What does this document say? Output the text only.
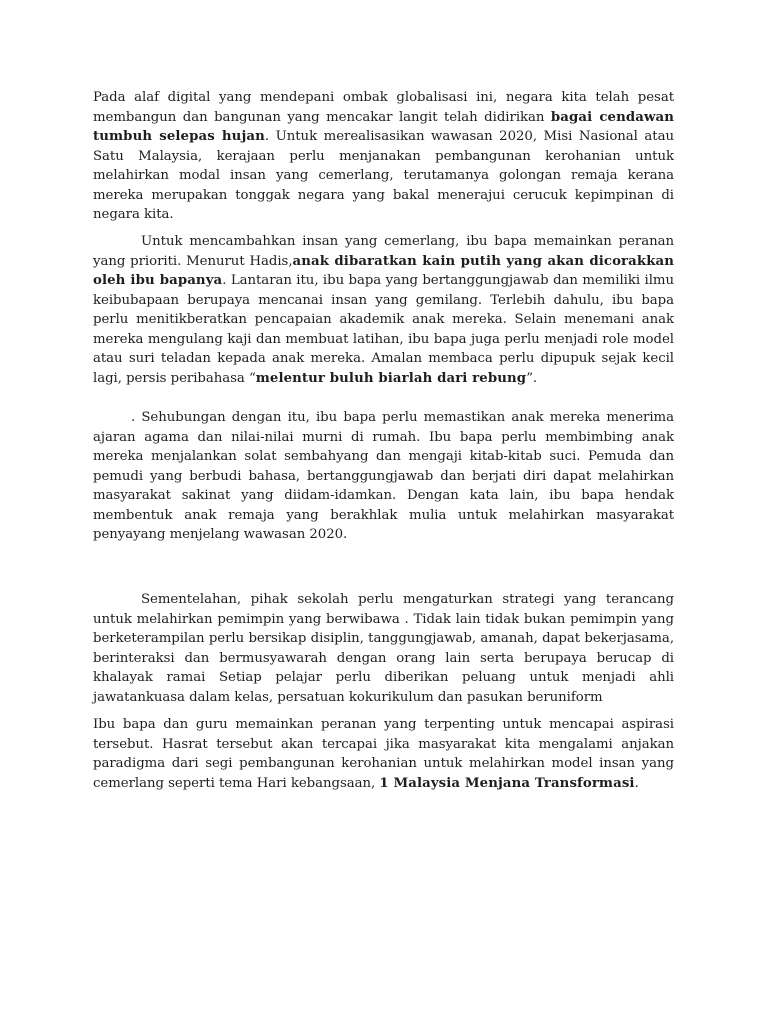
Pada alaf digital yang mendepani ombak globalisasi ini, negara kita telah pesat membangun dan bangunan yang mencakar langit telah didirikan bagai cendawan tumbuh selepas hujan. Untuk merealisasikan wawasan 2020, Misi Nasional atau Satu Malaysia, kerajaan perlu menjanakan pembangunan kerohanian untuk melahirkan modal insan yang cemerlang, terutamanya golongan remaja kerana mereka merupakan tonggak negara yang bakal menerajui cerucuk kepimpinan di negara kita.

Untuk mencambahkan insan yang cemerlang, ibu bapa memainkan peranan yang prioriti. Menurut Hadis,anak dibaratkan kain putih yang akan dicorakkan oleh ibu bapanya. Lantaran itu, ibu bapa yang bertanggungjawab dan memiliki ilmu keibubapaan berupaya mencanai insan yang gemilang. Terlebih dahulu, ibu bapa perlu menitikberatkan pencapaian akademik anak mereka. Selain menemani anak mereka mengulang kaji dan membuat latihan, ibu bapa juga perlu menjadi role model atau suri teladan kepada anak mereka. Amalan membaca perlu dipupuk sejak kecil lagi, persis peribahasa “melentur buluh biarlah dari rebung”.

. Sehubungan dengan itu, ibu bapa perlu memastikan anak mereka menerima ajaran agama dan nilai-nilai murni di rumah. Ibu bapa perlu membimbing anak mereka menjalankan solat sembahyang dan mengaji kitab-kitab suci. Pemuda dan pemudi yang berbudi bahasa, bertanggungjawab dan berjati diri dapat melahirkan masyarakat sakinat yang diidam-idamkan. Dengan kata lain, ibu bapa hendak membentuk anak remaja yang berakhlak mulia untuk melahirkan masyarakat penyayang menjelang wawasan 2020.

Sementelahan, pihak sekolah perlu mengaturkan strategi yang terancang untuk melahirkan pemimpin yang berwibawa . Tidak lain tidak bukan pemimpin yang berketerampilan perlu bersikap disiplin, tanggungjawab, amanah, dapat bekerjasama, berinteraksi dan bermusyawarah dengan orang lain serta berupaya berucap di khalayak ramai Setiap pelajar perlu diberikan peluang untuk menjadi ahli jawatankuasa dalam kelas, persatuan kokurikulum dan pasukan beruniform

Ibu bapa dan guru memainkan peranan yang terpenting untuk mencapai aspirasi tersebut. Hasrat tersebut akan tercapai jika masyarakat kita mengalami anjakan paradigma dari segi pembangunan kerohanian untuk melahirkan model insan yang cemerlang seperti tema Hari kebangsaan, 1 Malaysia Menjana Transformasi.
